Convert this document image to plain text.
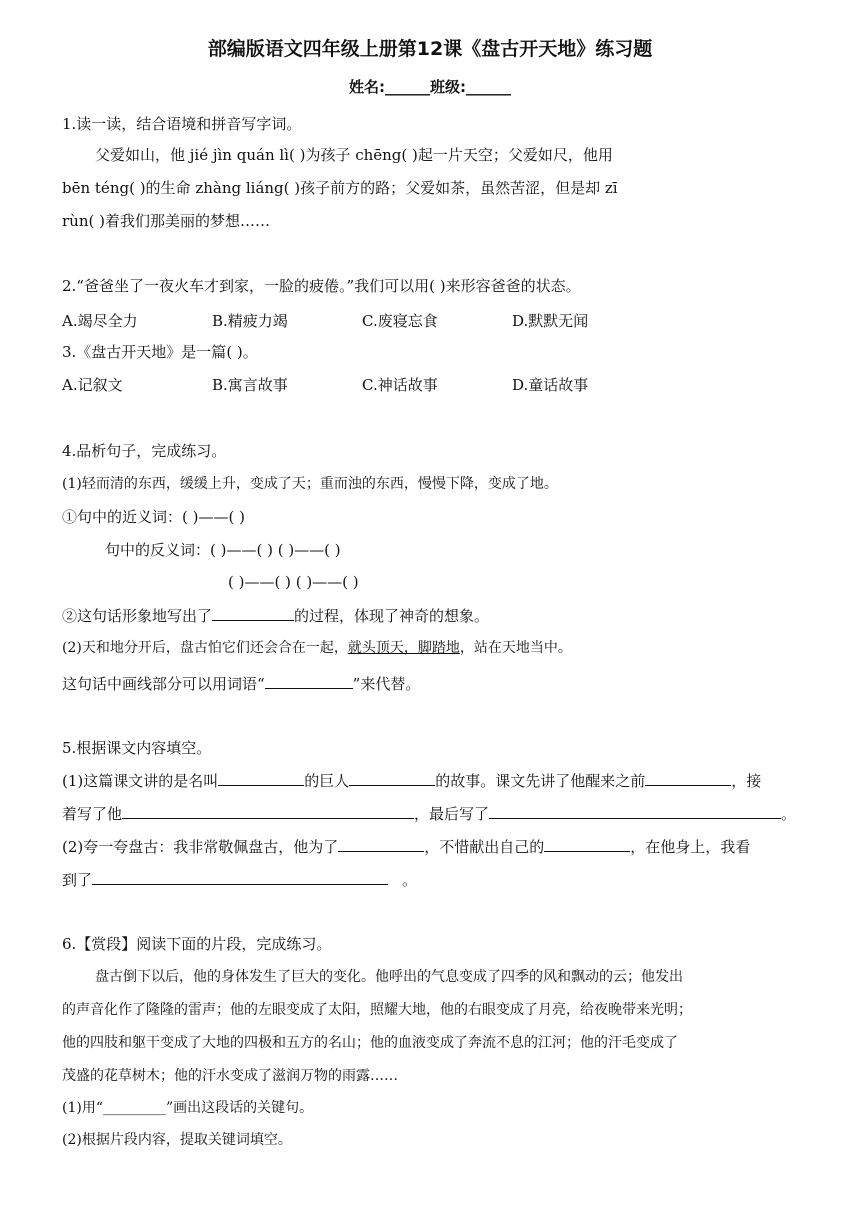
部编版语文四年级上册第12课《盘古开天地》练习题
姓名:______班级:______
1.读一读，结合语境和拼音写字词。
父爱如山，他 jié jìn quán lì( )为孩子 chēng( )起一片天空；父爱如尺，他用
bēn téng( )的生命 zhàng liáng( )孩子前方的路；父爱如茶，虽然苦涩，但是却 zī
rùn( )着我们那美丽的梦想……
2.“爸爸坐了一夜火车才到家，一脸的疲倦。”我们可以用( )来形容爸爸的状态。
A.竭尽全力	B.精疲力竭	C.废寝忘食	D.默默无闻
3.《盘古开天地》是一篇( )。
A.记叙文	B.寓言故事	C.神话故事	D.童话故事
4.品析句子，完成练习。
(1)轻而清的东西，缓缓上升，变成了天；重而浊的东西，慢慢下降，变成了地。
①句中的近义词：( )——( )
句中的反义词：( )——( ) ( )——( )
( )——( ) ( )——( )
②这句话形象地写出了	的过程，体现了神奇的想象。
(2)天和地分开后，盘古怕它们还会合在一起，就头顶天，脚踏地，站在天地当中。
这句话中画线部分可以用词语“	”来代替。
5.根据课文内容填空。
(1)这篇课文讲的是名叫	的巨人	的故事。课文先讲了他醒来之前	，接
着写了他	，最后写了	。
(2)夸一夸盘古：我非常敬佩盘古，他为了	，不惜献出自己的	，在他身上，我看
到了	。
6.【赏段】阅读下面的片段，完成练习。
盘古倒下以后，他的身体发生了巨大的变化。他呼出的气息变成了四季的风和飘动的云；他发出
的声音化作了隆隆的雷声；他的左眼变成了太阳，照耀大地，他的右眼变成了月亮，给夜晚带来光明；
他的四肢和躯干变成了大地的四极和五方的名山；他的血液变成了奔流不息的江河；他的汗毛变成了
茂盛的花草树木；他的汗水变成了滋润万物的雨露……
(1)用“_________”画出这段话的关键句。
(2)根据片段内容，提取关键词填空。
